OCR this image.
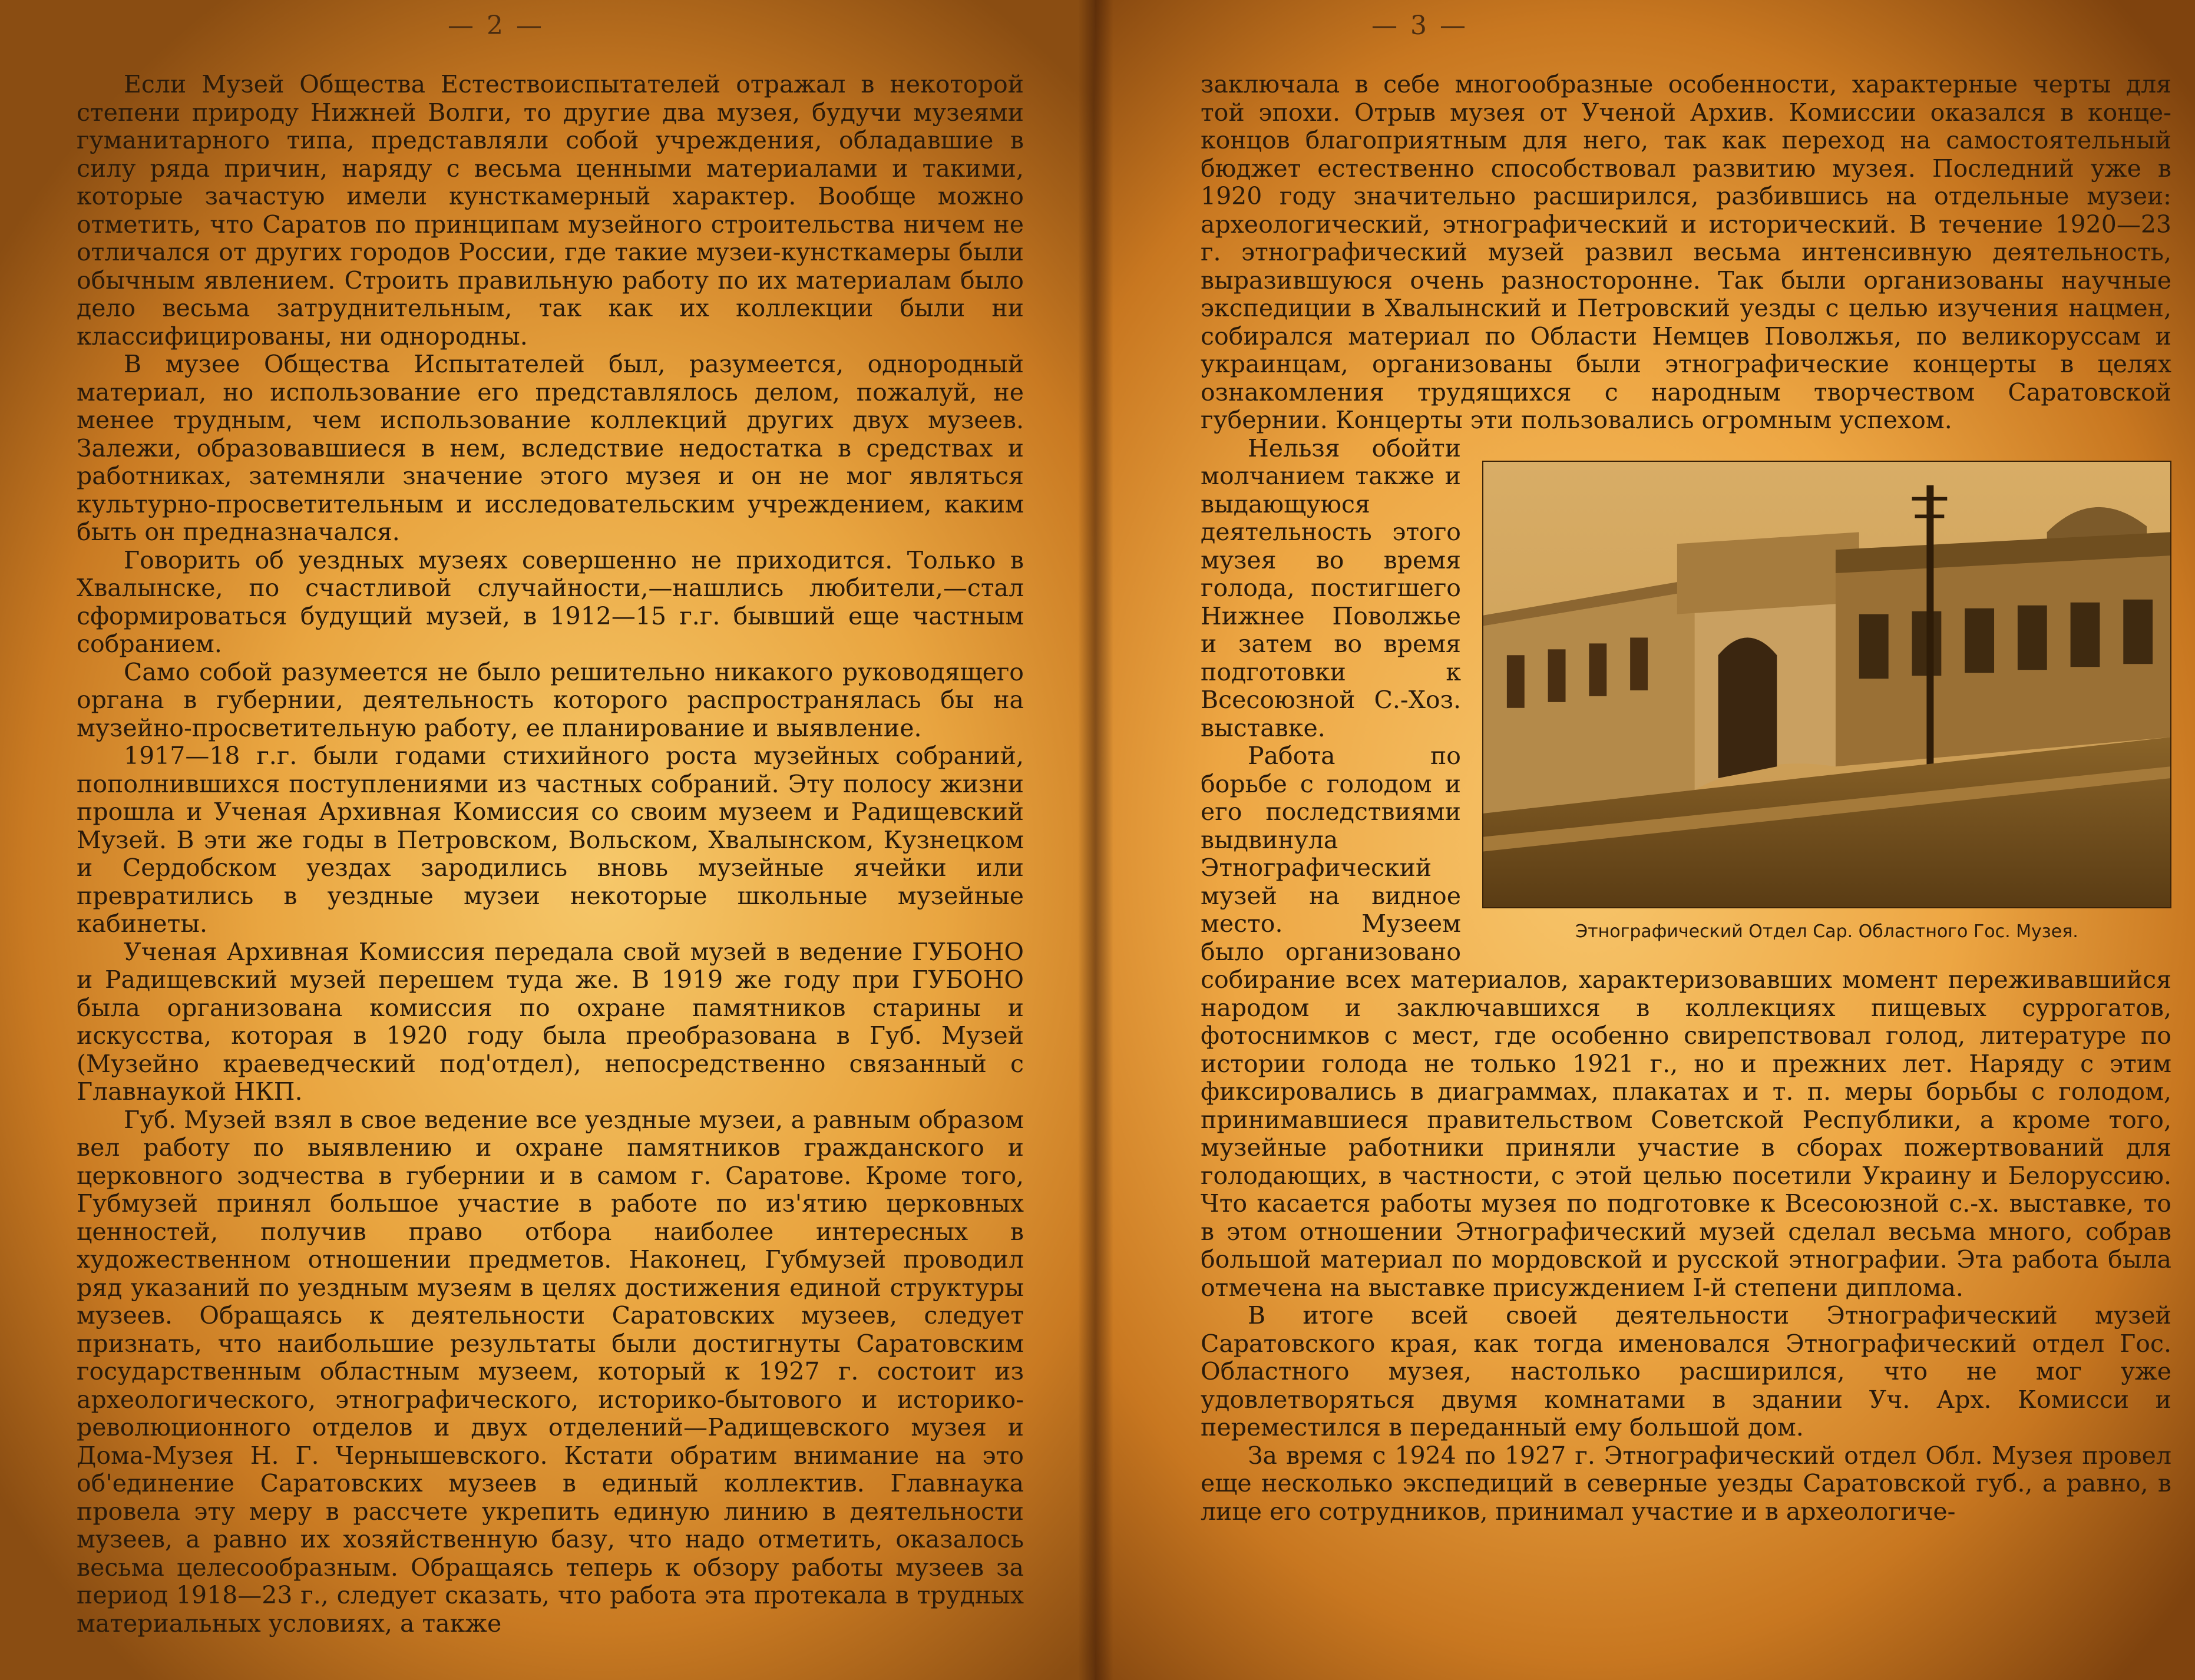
— 2 —

Если Музей Общества Естествоиспытателей отражал в некоторой степени природу Нижней Волги, то другие два музея, будучи музеями гуманитарного типа, представляли собой учреждения, обладавшие в силу ряда причин, наряду с весьма ценными материалами и такими, которые зачастую имели кунсткамерный характер. Вообще можно отметить, что Саратов по принципам музейного строительства ничем не отличался от других городов России, где такие музеи-кунсткамеры были обычным явлением. Строить правильную работу по их материалам было дело весьма затруднительным, так как их коллекции были ни классифицированы, ни однородны.

В музее Общества Испытателей был, разумеется, однородный материал, но использование его представлялось делом, пожалуй, не менее трудным, чем использование коллекций других двух музеев. Залежи, образовавшиеся в нем, вследствие недостатка в средствах и работниках, затемняли значение этого музея и он не мог являться культурно-просветительным и исследовательским учреждением, каким быть он предназначался.

Говорить об уездных музеях совершенно не приходится. Только в Хвалынске, по счастливой случайности,—нашлись любители,—стал сформироваться будущий музей, в 1912—15 г.г. бывший еще частным собранием.

Само собой разумеется не было решительно никакого руководящего органа в губернии, деятельность которого распространялась бы на музейно-просветительную работу, ее планирование и выявление.

1917—18 г.г. были годами стихийного роста музейных собраний, пополнившихся поступлениями из частных собраний. Эту полосу жизни прошла и Ученая Архивная Комиссия со своим музеем и Радищевский Музей. В эти же годы в Петровском, Вольском, Хвалынском, Кузнецком и Сердобском уездах зародились вновь музейные ячейки или превратились в уездные музеи некоторые школьные музейные кабинеты.

Ученая Архивная Комиссия передала свой музей в ведение ГУБОНО и Радищевский музей перешем туда же. В 1919 же году при ГУБОНО была организована комиссия по охране памятников старины и искусства, которая в 1920 году была преобразована в Губ. Музей (Музейно краеведческий под'отдел), непосредственно связанный с Главнаукой НКП.

Губ. Музей взял в свое ведение все уездные музеи, а равным образом вел работу по выявлению и охране памятников гражданского и церковного зодчества в губернии и в самом г. Саратове. Кроме того, Губмузей принял большое участие в работе по из'ятию церковных ценностей, получив право отбора наиболее интересных в художественном отношении предметов. Наконец, Губмузей проводил ряд указаний по уездным музеям в целях достижения единой структуры музеев. Обращаясь к деятельности Саратовских музеев, следует признать, что наибольшие результаты были достигнуты Саратовским государственным областным музеем, который к 1927 г. состоит из археологического, этнографического, историко-бытового и историко-революционного отделов и двух отделений—Радищевского музея и Дома-Музея Н. Г. Чернышевского. Кстати обратим внимание на это об'единение Саратовских музеев в единый коллектив. Главнаука провела эту меру в рассчете укрепить единую линию в деятельности музеев, а равно их хозяйственную базу, что надо отметить, оказалось весьма целесообразным. Обращаясь теперь к обзору работы музеев за период 1918—23 г., следует сказать, что работа эта протекала в трудных материальных условиях, а также

— 3 —

заключала в себе многообразные особенности, характерные черты для той эпохи. Отрыв музея от Ученой Архив. Комиссии оказался в конце-концов благоприятным для него, так как переход на самостоятельный бюджет естественно способствовал развитию музея. Последний уже в 1920 году значительно расширился, разбившись на отдельные музеи: археологический, этнографический и исторический. В течение 1920—23 г. этнографический музей развил весьма интенсивную деятельность, выразившуюся очень разносторонне. Так были организованы научные экспедиции в Хвалынский и Петровский уезды с целью изучения нацмен, собирался материал по Области Немцев Поволжья, по великоруссам и украинцам, организованы были этнографические концерты в целях ознакомления трудящихся с народным творчеством Саратовской губернии. Концерты эти пользовались огромным успехом.

Этнографический Отдел Сар. Областного Гос. Музея.

Нельзя обойти молчанием также и выдающуюся деятельность этого музея во время голода, постигшего Нижнее Поволжье и затем во время подготовки к Всесоюзной С.-Хоз. выставке.

Работа по борьбе с голодом и его последствиями выдвинула Этнографический музей на видное место. Музеем было организовано собирание всех материалов, характеризовавших момент переживавшийся народом и заключавшихся в коллекциях пищевых суррогатов, фотоснимков с мест, где особенно свирепствовал голод, литературе по истории голода не только 1921 г., но и прежних лет. Наряду с этим фиксировались в диаграммах, плакатах и т. п. меры борьбы с голодом, принимавшиеся правительством Советской Республики, а кроме того, музейные работники приняли участие в сборах пожертвований для голодающих, в частности, с этой целью посетили Украину и Белоруссию. Что касается работы музея по подготовке к Всесоюзной с.-х. выставке, то в этом отношении Этнографический музей сделал весьма много, собрав большой материал по мордовской и русской этнографии. Эта работа была отмечена на выставке присуждением I-й степени диплома.

В итоге всей своей деятельности Этнографический музей Саратовского края, как тогда именовался Этнографический отдел Гос. Областного музея, настолько расширился, что не мог уже удовлетворяться двумя комнатами в здании Уч. Арх. Комисси и переместился в переданный ему большой дом.

За время с 1924 по 1927 г. Этнографический отдел Обл. Музея провел еще несколько экспедиций в северные уезды Саратовской губ., а равно, в лице его сотрудников, принимал участие и в археологиче-
